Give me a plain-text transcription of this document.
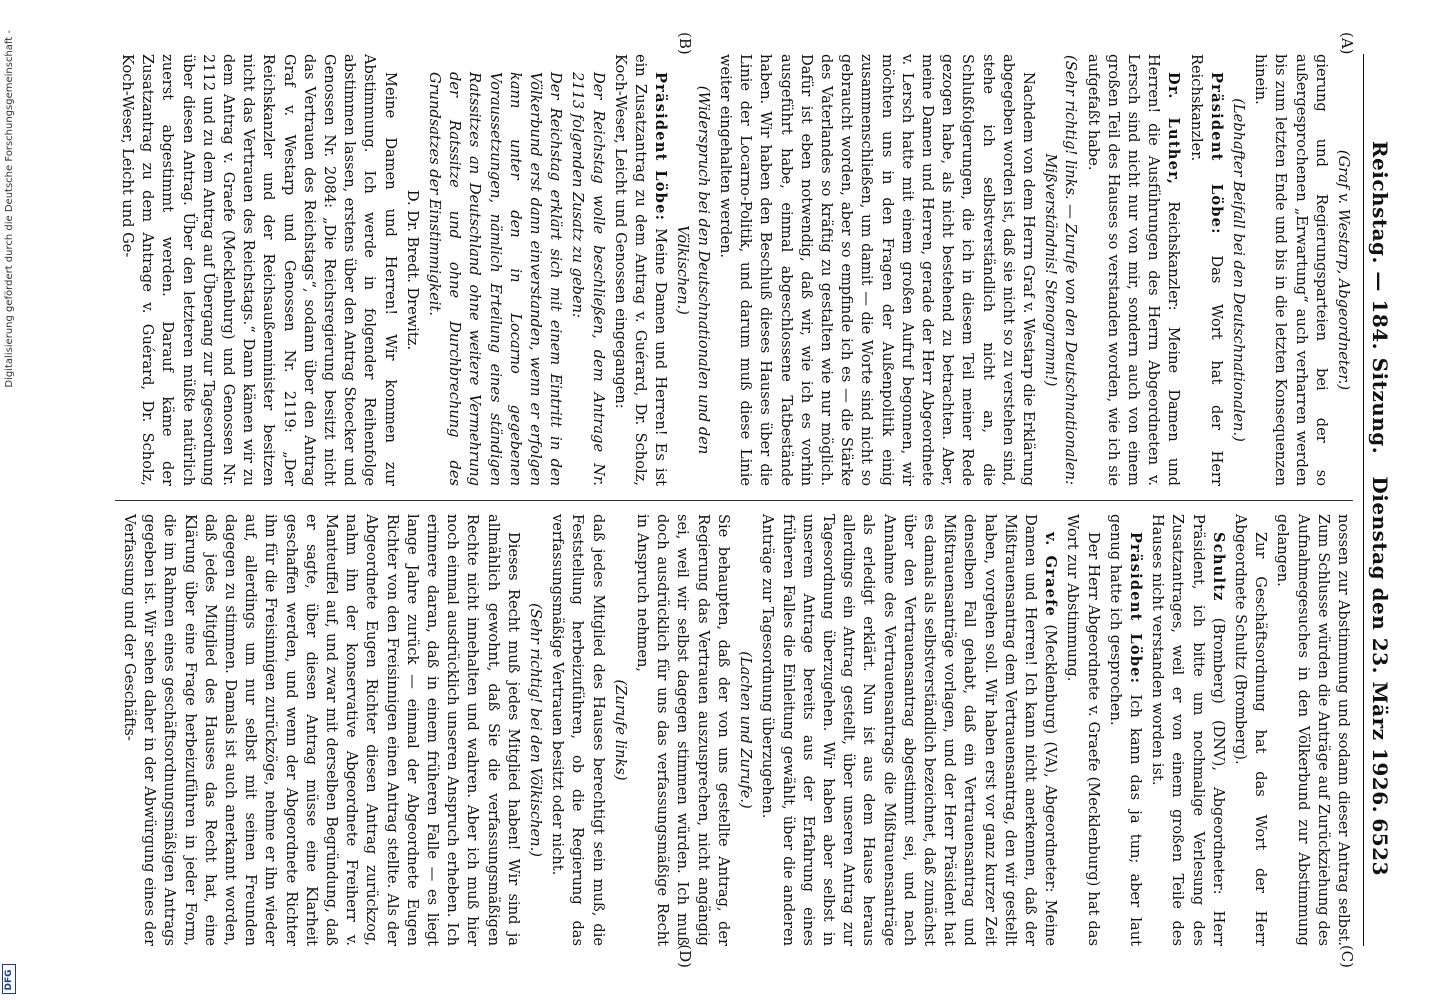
Digitalisierung gefördert durch die Deutsche Forschungsgemeinschaft -
DFG
Reichstag. — 184. Sitzung.
Dienstag den 23. März 1926.
6523

(Graf v. Westarp, Abgeordneter.)

gierung und Regierungsparteien bei der so außergesprochenen „Erwartung“ auch verharren werden bis zum letzten Ende und bis in die letzten Konsequenzen hinein.

(Lebhafter Beifall bei den Deutschnationalen.)

Präsident Löbe: Das Wort hat der Herr Reichskanzler.

Dr. Luther, Reichskanzler: Meine Damen und Herren! die Ausführungen des Herrn Abgeordneten v. Lersch sind nicht nur von mir, sondern auch von einem großen Teil des Hauses so verstanden worden, wie ich sie aufgefaßt habe.

(Sehr richtig! links. — Zurufe von den Deutschnationalen: Mißverständnis! Stenogramm!)

Nachdem von dem Herrn Graf v. Westarp die Erklärung abgegeben worden ist, daß sie nicht so zu verstehen sind, stehe ich selbstverständlich nicht an, die Schlußfolgerungen, die ich in diesem Teil meiner Rede gezogen habe, als nicht bestehend zu betrachten. Aber, meine Damen und Herren, gerade der Herr Abgeordnete v. Lersch hatte mit einem großen Aufruf begonnen, wir möchten uns in den Fragen der Außenpolitik einig zusammenschließen, um damit — die Worte sind nicht so gebraucht worden, aber so empfinde ich es — die Stärke des Vaterlandes so kräftig zu gestalten wie nur möglich. Dafür ist eben notwendig, daß wir, wie ich es vorhin ausgeführt habe, einmal abgeschlossene Tatbestände haben. Wir haben den Beschluß dieses Hauses über die Linie der Locarno-Politik, und darum muß diese Linie weiter eingehalten werden.

(Widerspruch bei den Deutschnationalen und den Völkischen.)

Präsident Löbe: Meine Damen und Herren! Es ist ein Zusatzantrag zu dem Antrag v. Guérard, Dr. Scholz, Koch-Weser, Leicht und Genossen eingegangen:

Der Reichstag wolle beschließen, dem Antrage Nr. 2113 folgenden Zusatz zu geben:

Der Reichstag erklärt sich mit einem Eintritt in den Völkerbund erst dann einverstanden, wenn er erfolgen kann unter den in Locarno gegebenen Voraussetzungen, nämlich Erteilung eines ständigen Ratssitzes an Deutschland ohne weitere Vermehrung der Ratssitze und ohne Durchbrechung des Grundsatzes der Einstimmigkeit.

D. Dr. Bredt. Drewitz.

Meine Damen und Herren! Wir kommen zur Abstimmung. Ich werde in folgender Reihenfolge abstimmen lassen, erstens über den Antrag Stoecker und Genossen Nr. 2084: „Die Reichsregierung besitzt nicht das Vertrauen des Reichstags“, sodann über den Antrag Graf v. Westarp und Genossen Nr. 2119: „Der Reichskanzler und der Reichsaußenminister besitzen nicht das Vertrauen des Reichstags.“ Dann kämen wir zu dem Antrag v. Graefe (Mecklenburg) und Genossen Nr. 2112 und zu dem Antrag auf Übergang zur Tagesordnung über diesen Antrag. Über den letzteren müßte natürlich zuerst abgestimmt werden. Darauf käme der Zusatzantrag zu dem Antrage v. Guérard, Dr. Scholz, Koch-Weser, Leicht und Ge-

nossen zur Abstimmung und sodann dieser Antrag selbst. Zum Schlusse würden die Anträge auf Zurückziehung des Aufnahmegesuches in den Völkerbund zur Abstimmung gelangen.

Zur Geschäftsordnung hat das Wort der Herr Abgeordnete Schultz (Bromberg).

Schultz (Bromberg) (DNV), Abgeordneter: Herr Präsident, ich bitte um nochmalige Verlesung des Zusatzantrages, weil er von einem großen Teile des Hauses nicht verstanden worden ist.

Präsident Löbe: Ich kann das ja tun; aber laut genug hatte ich gesprochen.

Der Herr Abgeordnete v. Graefe (Mecklenburg) hat das Wort zur Abstimmung.

v. Graefe (Mecklenburg) (VA), Abgeordneter: Meine Damen und Herren! Ich kann nicht anerkennen, daß der Mißtrauensantrag dem Vertrauensantrag, den wir gestellt haben, vorgehen soll. Wir haben erst vor ganz kurzer Zeit denselben Fall gehabt, daß ein Vertrauensantrag und Mißtrauensanträge vorlagen, und der Herr Präsident hat es damals als selbstverständlich bezeichnet, daß zunächst über den Vertrauensantrag abgestimmt sei, und nach Annahme des Vertrauensantrags die Mißtrauensanträge als erledigt erklärt. Nun ist aus dem Hause heraus allerdings ein Antrag gestellt, über unseren Antrag zur Tagesordnung überzugehen. Wir haben aber selbst in unserem Antrage bereits aus der Erfahrung eines früheren Falles die Einleitung gewählt, über die anderen Anträge zur Tagesordnung überzugehen.

(Lachen und Zurufe.)

Sie behaupten, daß der von uns gestellte Antrag, der Regierung das Vertrauen auszusprechen, nicht angängig sei, weil wir selbst dagegen stimmen würden. Ich muß doch ausdrücklich für uns das verfassungsmäßige Recht in Anspruch nehmen,

(Zurufe links)

daß jedes Mitglied des Hauses berechtigt sein muß, die Feststellung herbeizuführen, ob die Regierung das verfassungsmäßige Vertrauen besitzt oder nicht.

(Sehr richtig! bei den Völkischen.)

Dieses Recht muß jedes Mitglied haben! Wir sind ja allmählich gewohnt, daß Sie die verfassungsmäßigen Rechte nicht innehalten und wahren. Aber ich muß hier noch einmal ausdrücklich unseren Anspruch erheben. Ich erinnere daran, daß in einem früheren Falle — es liegt lange Jahre zurück — einmal der Abgeordnete Eugen Richter von den Freisinnigen einen Antrag stellte. Als der Abgeordnete Eugen Richter diesen Antrag zurückzog, nahm ihn der konservative Abgeordnete Freiherr v. Manteuffel auf, und zwar mit derselben Begründung, daß er sagte, über diesen Antrag müsse eine Klarheit geschaffen werden, und wenn der Abgeordnete Richter ihn für die Freisinnigen zurückzöge, nehme er ihn wieder auf, allerdings um nur selbst mit seinen Freunden dagegen zu stimmen. Damals ist auch anerkannt worden, daß jedes Mitglied des Hauses das Recht hat, eine Klärung über eine Frage herbeizuführen in jeder Form, die im Rahmen eines geschäftsordnungsmäßigen Antrags gegeben ist. Wir sehen daher in der Abwürgung eines der Verfassung und der Geschäfts-

(A)
(B)
(C)
(D)
